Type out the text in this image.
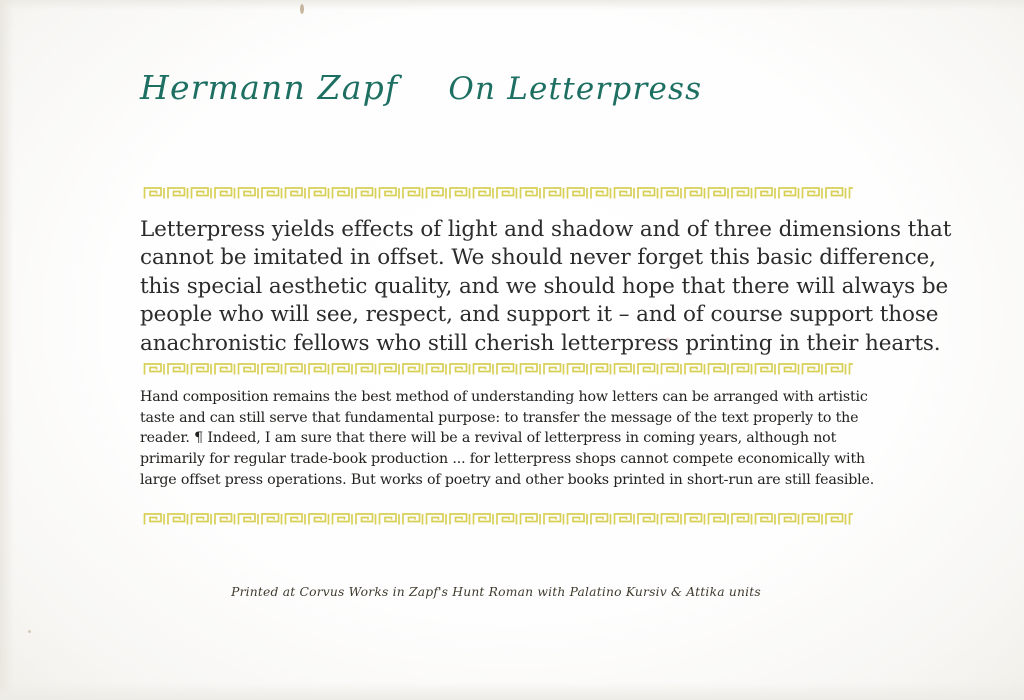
Hermann Zapf On Letterpress
Letterpress yields effects of light and shadow and of three dimensions that
cannot be imitated in offset. We should never forget this basic difference,
this special aesthetic quality, and we should hope that there will always be
people who will see, respect, and support it – and of course support those
anachronistic fellows who still cherish letterpress printing in their hearts.
Hand composition remains the best method of understanding how letters can be arranged with artistic
taste and can still serve that fundamental purpose: to transfer the message of the text properly to the
reader. ¶ Indeed, I am sure that there will be a revival of letterpress in coming years, although not
primarily for regular trade-book production ... for letterpress shops cannot compete economically with
large offset press operations. But works of poetry and other books printed in short-run are still feasible.
Printed at Corvus Works in Zapf's Hunt Roman with Palatino Kursiv & Attika units
